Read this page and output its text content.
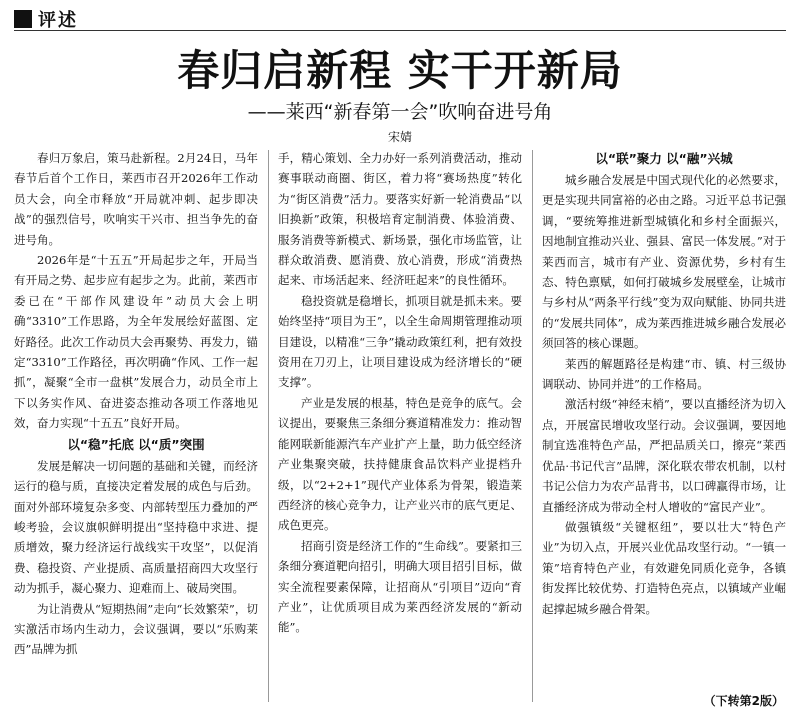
评述
春归启新程 实干开新局
——莱西“新春第一会”吹响奋进号角
宋婧

春归万象启，策马赴新程。2月24日，马年春节后首个工作日，莱西市召开2026年工作动员大会，向全市释放“开局就冲刺、起步即决战”的强烈信号，吹响实干兴市、担当争先的奋进号角。

2026年是“十五五”开局起步之年，开局当有开局之势、起步应有起步之为。此前，莱西市委已在“干部作风建设年”动员大会上明确“3310”工作思路，为全年发展绘好蓝图、定好路径。此次工作动员大会再聚势、再发力，锚定“3310”工作路径，再次明确“作风、工作一起抓”，凝聚“全市一盘棋”发展合力，动员全市上下以务实作风、奋进姿态推动各项工作落地见效，奋力实现“十五五”良好开局。

以“稳”托底 以“质”突围

发展是解决一切问题的基础和关键，而经济运行的稳与质，直接决定着发展的成色与后劲。面对外部环境复杂多变、内部转型压力叠加的严峻考验，会议旗帜鲜明提出“坚持稳中求进、提质增效，聚力经济运行战线实干攻坚”，以促消费、稳投资、产业提质、高质量招商四大攻坚行动为抓手，凝心聚力、迎难而上、破局突围。

为让消费从“短期热闹”走向“长效繁荣”，切实激活市场内生动力，会议强调，要以“乐购莱西”品牌为抓

手，精心策划、全力办好一系列消费活动，推动赛事联动商圈、街区，着力将“赛场热度”转化为“街区消费”活力。要落实好新一轮消费品“以旧换新”政策，积极培育定制消费、体验消费、服务消费等新模式、新场景，强化市场监管，让群众敢消费、愿消费、放心消费，形成“消费热起来、市场活起来、经济旺起来”的良性循环。

稳投资就是稳增长，抓项目就是抓未来。要始终坚持“项目为王”，以全生命周期管理推动项目建设，以精准“三争”撬动政策红利，把有效投资用在刀刃上，让项目建设成为经济增长的“硬支撑”。

产业是发展的根基，特色是竞争的底气。会议提出，要聚焦三条细分赛道精准发力：推动智能网联新能源汽车产业扩产上量，助力低空经济产业集聚突破，扶持健康食品饮料产业提档升级，以“2+2+1”现代产业体系为骨架，锻造莱西经济的核心竞争力，让产业兴市的底气更足、成色更亮。

招商引资是经济工作的“生命线”。要紧扣三条细分赛道靶向招引，明确大项目招引目标，做实全流程要素保障，让招商从“引项目”迈向“育产业”，让优质项目成为莱西经济发展的“新动能”。

以“联”聚力 以“融”兴城

城乡融合发展是中国式现代化的必然要求，更是实现共同富裕的必由之路。习近平总书记强调，“要统筹推进新型城镇化和乡村全面振兴，因地制宜推动兴业、强县、富民一体发展。”对于莱西而言，城市有产业、资源优势，乡村有生态、特色禀赋，如何打破城乡发展壁垒，让城市与乡村从“两条平行线”变为双向赋能、协同共进的“发展共同体”，成为莱西推进城乡融合发展必须回答的核心课题。

莱西的解题路径是构建“市、镇、村三级协调联动、协同并进”的工作格局。

激活村级“神经末梢”，要以直播经济为切入点，开展富民增收攻坚行动。会议强调，要因地制宜选准特色产品，严把品质关口，擦亮“莱西优品·书记代言”品牌，深化联农带农机制，以村书记公信力为农产品背书，以口碑赢得市场，让直播经济成为带动全村人增收的“富民产业”。

做强镇级“关键枢纽”，要以壮大“特色产业”为切入点，开展兴业优品攻坚行动。“一镇一策”培育特色产业，有效避免同质化竞争，各镇街发挥比较优势、打造特色亮点，以镇域产业崛起撑起城乡融合骨架。

（下转第2版）
